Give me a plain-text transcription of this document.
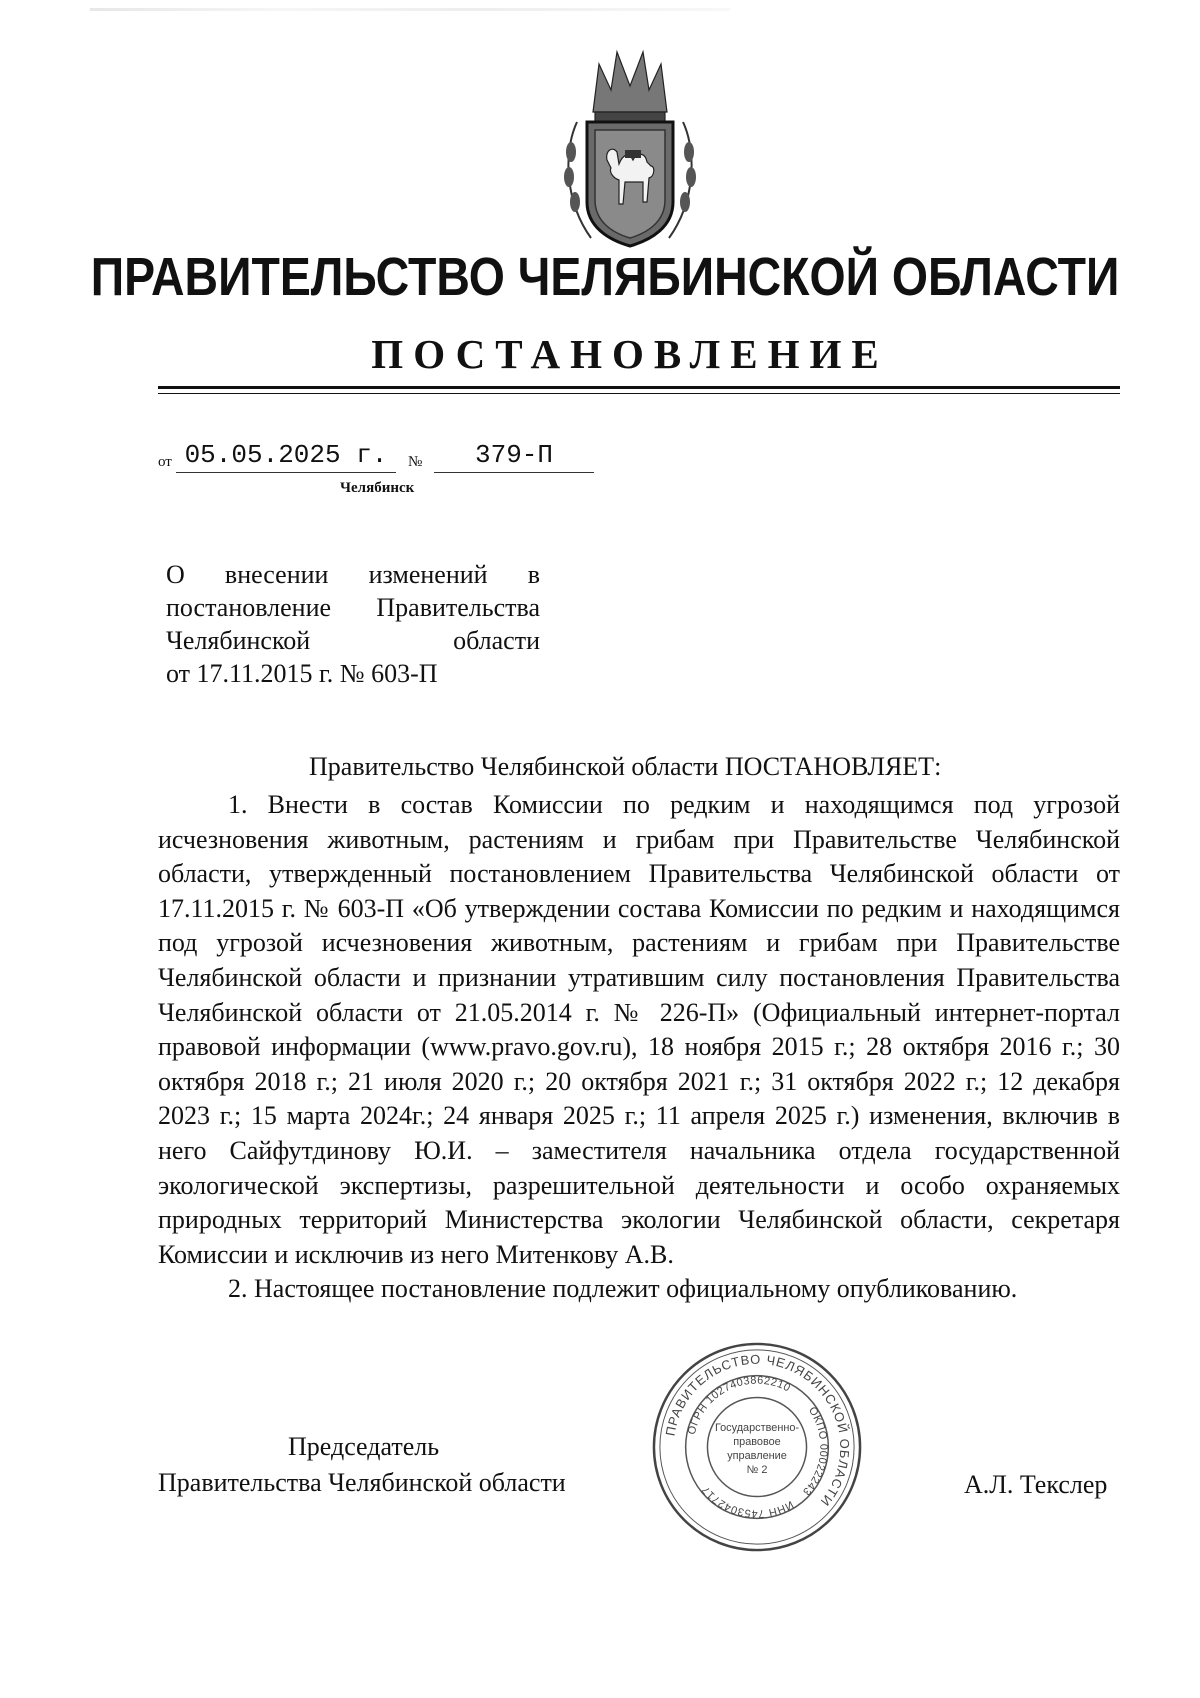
ПРАВИТЕЛЬСТВО ЧЕЛЯБИНСКОЙ ОБЛАСТИ
ПОСТАНОВЛЕНИЕ
от 05.05.2025 г.	№	379-П
Челябинск
О внесении изменений в
постановление Правительства
Челябинской области
от 17.11.2015 г. № 603-П
Правительство Челябинской области ПОСТАНОВЛЯЕТ:

1. Внести в состав Комиссии по редким и находящимся под угрозой исчезновения животным, растениям и грибам при Правительстве Челябинской области, утвержденный постановлением Правительства Челябинской области от 17.11.2015 г. № 603-П «Об утверждении состава Комиссии по редким и находящимся под угрозой исчезновения животным, растениям и грибам при Правительстве Челябинской области и признании утратившим силу постановления Правительства Челябинской области от 21.05.2014 г. № 226-П» (Официальный интернет-портал правовой информации (www.pravo.gov.ru), 18 ноября 2015 г.; 28 октября 2016 г.; 30 октября 2018 г.; 21 июля 2020 г.; 20 октября 2021 г.; 31 октября 2022 г.; 12 декабря 2023 г.; 15 марта 2024г.; 24 января 2025 г.; 11 апреля 2025 г.) изменения, включив в него Сайфутдинову Ю.И. – заместителя начальника отдела государственной экологической экспертизы, разрешительной деятельности и особо охраняемых природных территорий Министерства экологии Челябинской области, секретаря Комиссии и исключив из него Митенкову А.В.

2. Настоящее постановление подлежит официальному опубликованию.

Председатель
Правительства Челябинской области	А.Л. Текслер
ПРАВИТЕЛЬСТВО ЧЕЛЯБИНСКОЙ ОБЛАСТИ
ОГРН 1027403862210
ОКПО 00022243
ИНН 7453042717
Государственно-
правовое
управление
№ 2
